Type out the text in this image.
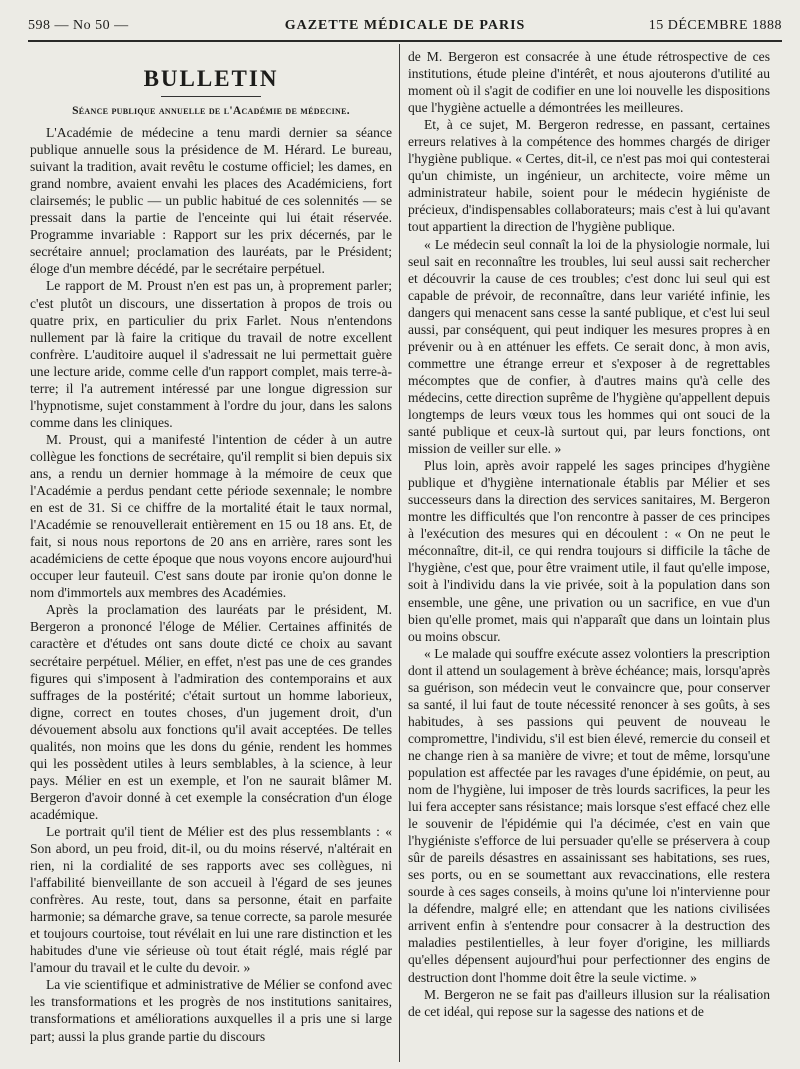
598 — No 50 —	GAZETTE MÉDICALE DE PARIS	15 DÉCEMBRE 1888
BULLETIN
Séance publique annuelle de l'Académie de médecine.

L'Académie de médecine a tenu mardi dernier sa séance publique annuelle sous la présidence de M. Hérard. Le bureau, suivant la tradition, avait revêtu le costume officiel; les dames, en grand nombre, avaient envahi les places des Académiciens, fort clairsemés; le public — un public habitué de ces solennités — se pressait dans la partie de l'enceinte qui lui était réservée. Programme invariable : Rapport sur les prix décernés, par le secrétaire annuel; proclamation des lauréats, par le Président; éloge d'un membre décédé, par le secrétaire perpétuel.

Le rapport de M. Proust n'en est pas un, à proprement parler; c'est plutôt un discours, une dissertation à propos de trois ou quatre prix, en particulier du prix Farlet. Nous n'entendons nullement par là faire la critique du travail de notre excellent confrère. L'auditoire auquel il s'adressait ne lui permettait guère une lecture aride, comme celle d'un rapport complet, mais terre-à-terre; il l'a autrement intéressé par une longue digression sur l'hypnotisme, sujet constamment à l'ordre du jour, dans les salons comme dans les cliniques.

M. Proust, qui a manifesté l'intention de céder à un autre collègue les fonctions de secrétaire, qu'il remplit si bien depuis six ans, a rendu un dernier hommage à la mémoire de ceux que l'Académie a perdus pendant cette période sexennale; le nombre en est de 31. Si ce chiffre de la mortalité était le taux normal, l'Académie se renouvellerait entièrement en 15 ou 18 ans. Et, de fait, si nous nous reportons de 20 ans en arrière, rares sont les académiciens de cette époque que nous voyons encore aujourd'hui occuper leur fauteuil. C'est sans doute par ironie qu'on donne le nom d'immortels aux membres des Académies.

Après la proclamation des lauréats par le président, M. Bergeron a prononcé l'éloge de Mélier. Certaines affinités de caractère et d'études ont sans doute dicté ce choix au savant secrétaire perpétuel. Mélier, en effet, n'est pas une de ces grandes figures qui s'imposent à l'admiration des contemporains et aux suffrages de la postérité; c'était surtout un homme laborieux, digne, correct en toutes choses, d'un jugement droit, d'un dévouement absolu aux fonctions qu'il avait acceptées. De telles qualités, non moins que les dons du génie, rendent les hommes qui les possèdent utiles à leurs semblables, à la science, à leur pays. Mélier en est un exemple, et l'on ne saurait blâmer M. Bergeron d'avoir donné à cet exemple la consécration d'un éloge académique.

Le portrait qu'il tient de Mélier est des plus ressemblants : « Son abord, un peu froid, dit-il, ou du moins réservé, n'altérait en rien, ni la cordialité de ses rapports avec ses collègues, ni l'affabilité bienveillante de son accueil à l'égard de ses jeunes confrères. Au reste, tout, dans sa personne, était en parfaite harmonie; sa démarche grave, sa tenue correcte, sa parole mesurée et toujours courtoise, tout révélait en lui une rare distinction et les habitudes d'une vie sérieuse où tout était réglé, mais réglé par l'amour du travail et le culte du devoir. »

La vie scientifique et administrative de Mélier se confond avec les transformations et les progrès de nos institutions sanitaires, transformations et améliorations auxquelles il a pris une si large part; aussi la plus grande partie du discours

de M. Bergeron est consacrée à une étude rétrospective de ces institutions, étude pleine d'intérêt, et nous ajouterons d'utilité au moment où il s'agit de codifier en une loi nouvelle les dispositions que l'hygiène actuelle a démontrées les meilleures.

Et, à ce sujet, M. Bergeron redresse, en passant, certaines erreurs relatives à la compétence des hommes chargés de diriger l'hygiène publique. « Certes, dit-il, ce n'est pas moi qui contesterai qu'un chimiste, un ingénieur, un architecte, voire même un administrateur habile, soient pour le médecin hygiéniste de précieux, d'indispensables collaborateurs; mais c'est à lui qu'avant tout appartient la direction de l'hygiène publique.

« Le médecin seul connaît la loi de la physiologie normale, lui seul sait en reconnaître les troubles, lui seul aussi sait rechercher et découvrir la cause de ces troubles; c'est donc lui seul qui est capable de prévoir, de reconnaître, dans leur variété infinie, les dangers qui menacent sans cesse la santé publique, et c'est lui seul aussi, par conséquent, qui peut indiquer les mesures propres à en prévenir ou à en atténuer les effets. Ce serait donc, à mon avis, commettre une étrange erreur et s'exposer à de regrettables mécomptes que de confier, à d'autres mains qu'à celle des médecins, cette direction suprême de l'hygiène qu'appellent depuis longtemps de leurs vœux tous les hommes qui ont souci de la santé publique et ceux-là surtout qui, par leurs fonctions, ont mission de veiller sur elle. »

Plus loin, après avoir rappelé les sages principes d'hygiène publique et d'hygiène internationale établis par Mélier et ses successeurs dans la direction des services sanitaires, M. Bergeron montre les difficultés que l'on rencontre à passer de ces principes à l'exécution des mesures qui en découlent : « On ne peut le méconnaître, dit-il, ce qui rendra toujours si difficile la tâche de l'hygiène, c'est que, pour être vraiment utile, il faut qu'elle impose, soit à l'individu dans la vie privée, soit à la population dans son ensemble, une gêne, une privation ou un sacrifice, en vue d'un bien qu'elle promet, mais qui n'apparaît que dans un lointain plus ou moins obscur.

« Le malade qui souffre exécute assez volontiers la prescription dont il attend un soulagement à brève échéance; mais, lorsqu'après sa guérison, son médecin veut le convaincre que, pour conserver sa santé, il lui faut de toute nécessité renoncer à ses goûts, à ses habitudes, à ses passions qui peuvent de nouveau le compromettre, l'individu, s'il est bien élevé, remercie du conseil et ne change rien à sa manière de vivre; et tout de même, lorsqu'une population est affectée par les ravages d'une épidémie, on peut, au nom de l'hygiène, lui imposer de très lourds sacrifices, la peur les lui fera accepter sans résistance; mais lorsque s'est effacé chez elle le souvenir de l'épidémie qui l'a décimée, c'est en vain que l'hygiéniste s'efforce de lui persuader qu'elle se préservera à coup sûr de pareils désastres en assainissant ses habitations, ses rues, ses ports, ou en se soumettant aux revaccinations, elle restera sourde à ces sages conseils, à moins qu'une loi n'intervienne pour la défendre, malgré elle; en attendant que les nations civilisées arrivent enfin à s'entendre pour consacrer à la destruction des maladies pestilentielles, à leur foyer d'origine, les milliards qu'elles dépensent aujourd'hui pour perfectionner des engins de destruction dont l'homme doit être la seule victime. »

M. Bergeron ne se fait pas d'ailleurs illusion sur la réalisation de cet idéal, qui repose sur la sagesse des nations et de
